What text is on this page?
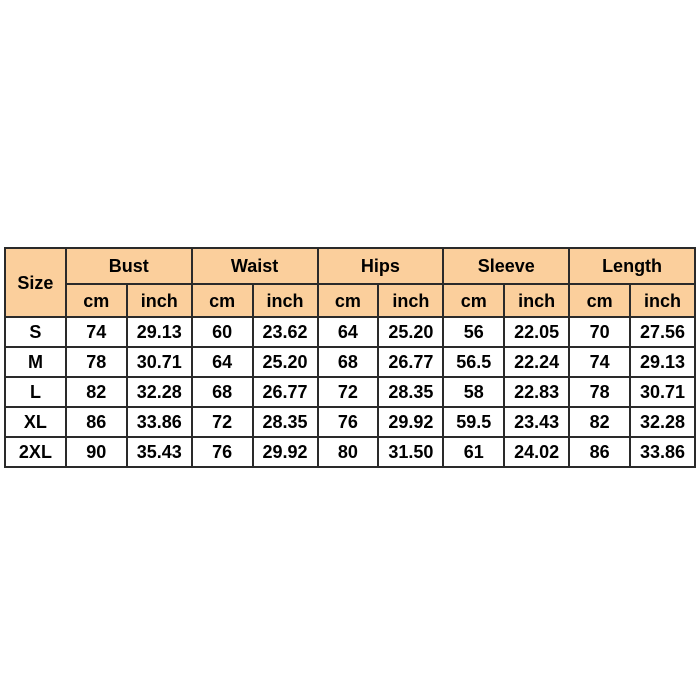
Size	Bust		Waist		Hips		Sleeve		Length	
	cm	inch	cm	inch	cm	inch	cm	inch	cm	inch
S	74	29.13	60	23.62	64	25.20	56	22.05	70	27.56
M	78	30.71	64	25.20	68	26.77	56.5	22.24	74	29.13
L	82	32.28	68	26.77	72	28.35	58	22.83	78	30.71
XL	86	33.86	72	28.35	76	29.92	59.5	23.43	82	32.28
2XL	90	35.43	76	29.92	80	31.50	61	24.02	86	33.86
